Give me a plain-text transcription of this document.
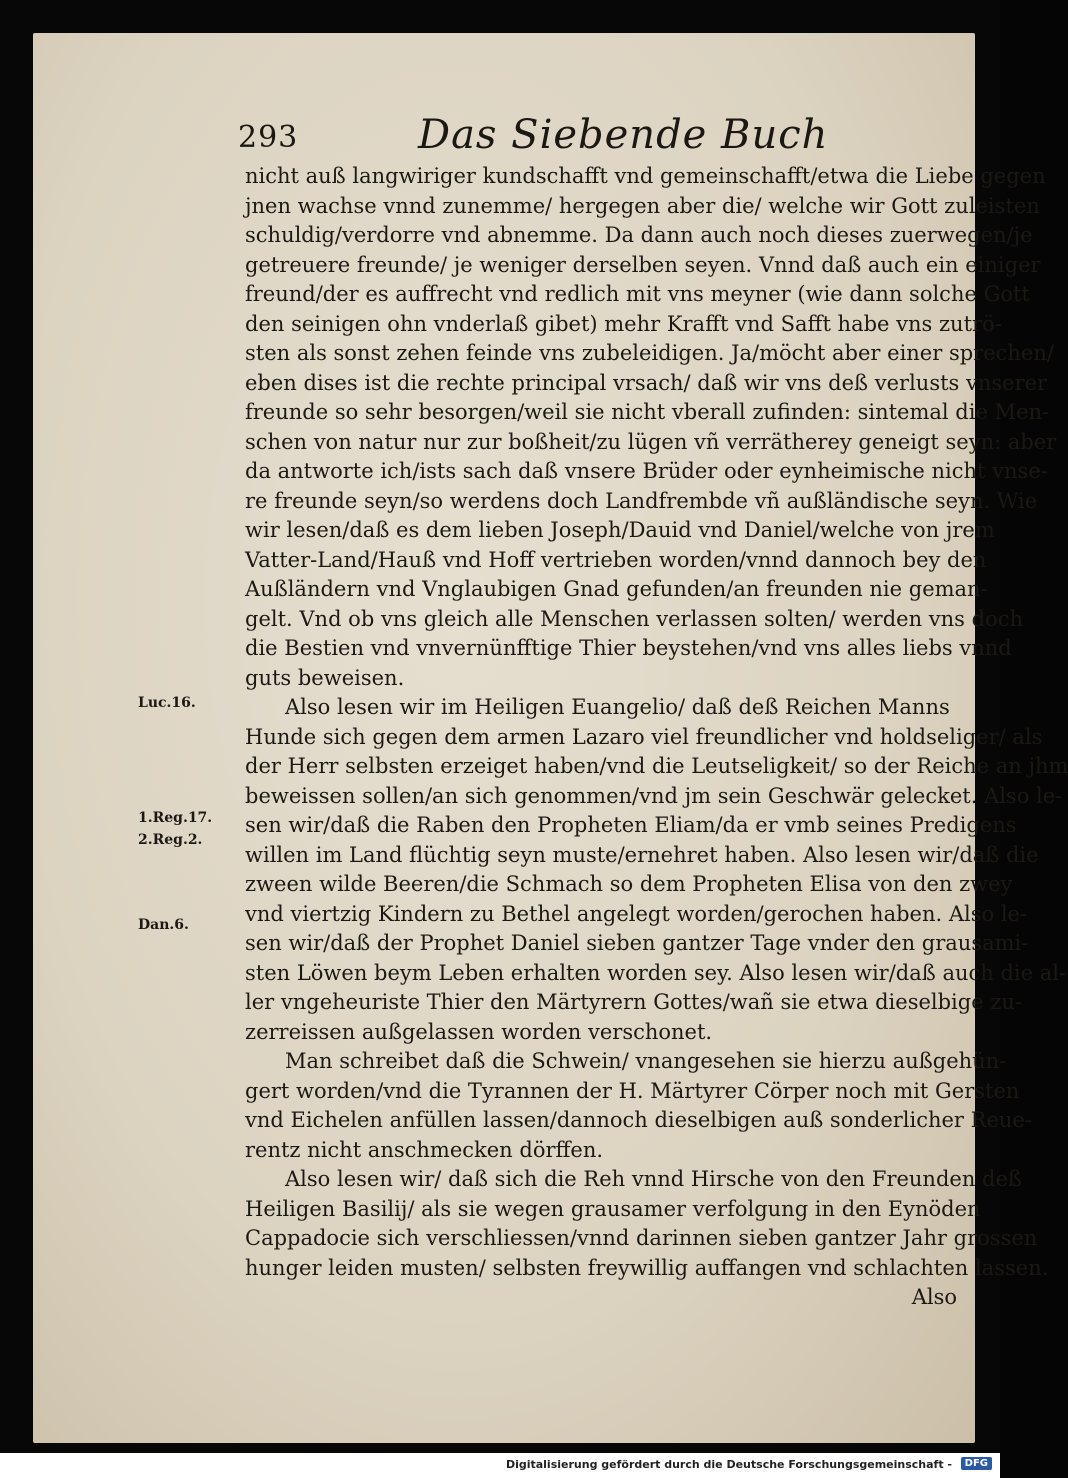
293	Das Siebende Buch
Luc.16.
1.Reg.17.
2.Reg.2.
Dan.6.
nicht auß langwiriger kundschafft vnd gemeinschafft/etwa die Liebe gegen
jnen wachse vnnd zunemme/ hergegen aber die/ welche wir Gott zuleisten
schuldig/verdorre vnd abnemme. Da dann auch noch dieses zuerwegen/je
getreuere freunde/ je weniger derselben seyen. Vnnd daß auch ein einiger
freund/der es auffrecht vnd redlich mit vns meyner (wie dann solche Gott
den seinigen ohn vnderlaß gibet) mehr Krafft vnd Safft habe vns zutrö-
sten als sonst zehen feinde vns zubeleidigen. Ja/möcht aber einer sprechen/
eben dises ist die rechte principal vrsach/ daß wir vns deß verlusts vnserer
freunde so sehr besorgen/weil sie nicht vberall zufinden: sintemal die Men-
schen von natur nur zur boßheit/zu lügen vñ verrätherey geneigt seyn: aber
da antworte ich/ists sach daß vnsere Brüder oder eynheimische nicht vnse-
re freunde seyn/so werdens doch Landfrembde vñ außländische seyn. Wie
wir lesen/daß es dem lieben Joseph/Dauid vnd Daniel/welche von jrem
Vatter-Land/Hauß vnd Hoff vertrieben worden/vnnd dannoch bey den
Außländern vnd Vnglaubigen Gnad gefunden/an freunden nie geman-
gelt. Vnd ob vns gleich alle Menschen verlassen solten/ werden vns doch
die Bestien vnd vnvernünfftige Thier beystehen/vnd vns alles liebs vnnd
guts beweisen.
Also lesen wir im Heiligen Euangelio/ daß deß Reichen Manns
Hunde sich gegen dem armen Lazaro viel freundlicher vnd holdseliger/ als
der Herr selbsten erzeiget haben/vnd die Leutseligkeit/ so der Reiche an jhm
beweissen sollen/an sich genommen/vnd jm sein Geschwär gelecket. Also le-
sen wir/daß die Raben den Propheten Eliam/da er vmb seines Predigens
willen im Land flüchtig seyn muste/ernehret haben. Also lesen wir/daß die
zween wilde Beeren/die Schmach so dem Propheten Elisa von den zwey
vnd viertzig Kindern zu Bethel angelegt worden/gerochen haben. Also le-
sen wir/daß der Prophet Daniel sieben gantzer Tage vnder den grausami-
sten Löwen beym Leben erhalten worden sey. Also lesen wir/daß auch die al-
ler vngeheuriste Thier den Märtyrern Gottes/wañ sie etwa dieselbige zu-
zerreissen außgelassen worden verschonet.
Man schreibet daß die Schwein/ vnangesehen sie hierzu außgehün-
gert worden/vnd die Tyrannen der H. Märtyrer Cörper noch mit Gersten
vnd Eichelen anfüllen lassen/dannoch dieselbigen auß sonderlicher Reue-
rentz nicht anschmecken dörffen.
Also lesen wir/ daß sich die Reh vnnd Hirsche von den Freunden deß
Heiligen Basilij/ als sie wegen grausamer verfolgung in den Eynöden
Cappadocie sich verschliessen/vnnd darinnen sieben gantzer Jahr grossen
hunger leiden musten/ selbsten freywillig auffangen vnd schlachten lassen.
Also
Digitalisierung gefördert durch die Deutsche Forschungsgemeinschaft -	DFG
